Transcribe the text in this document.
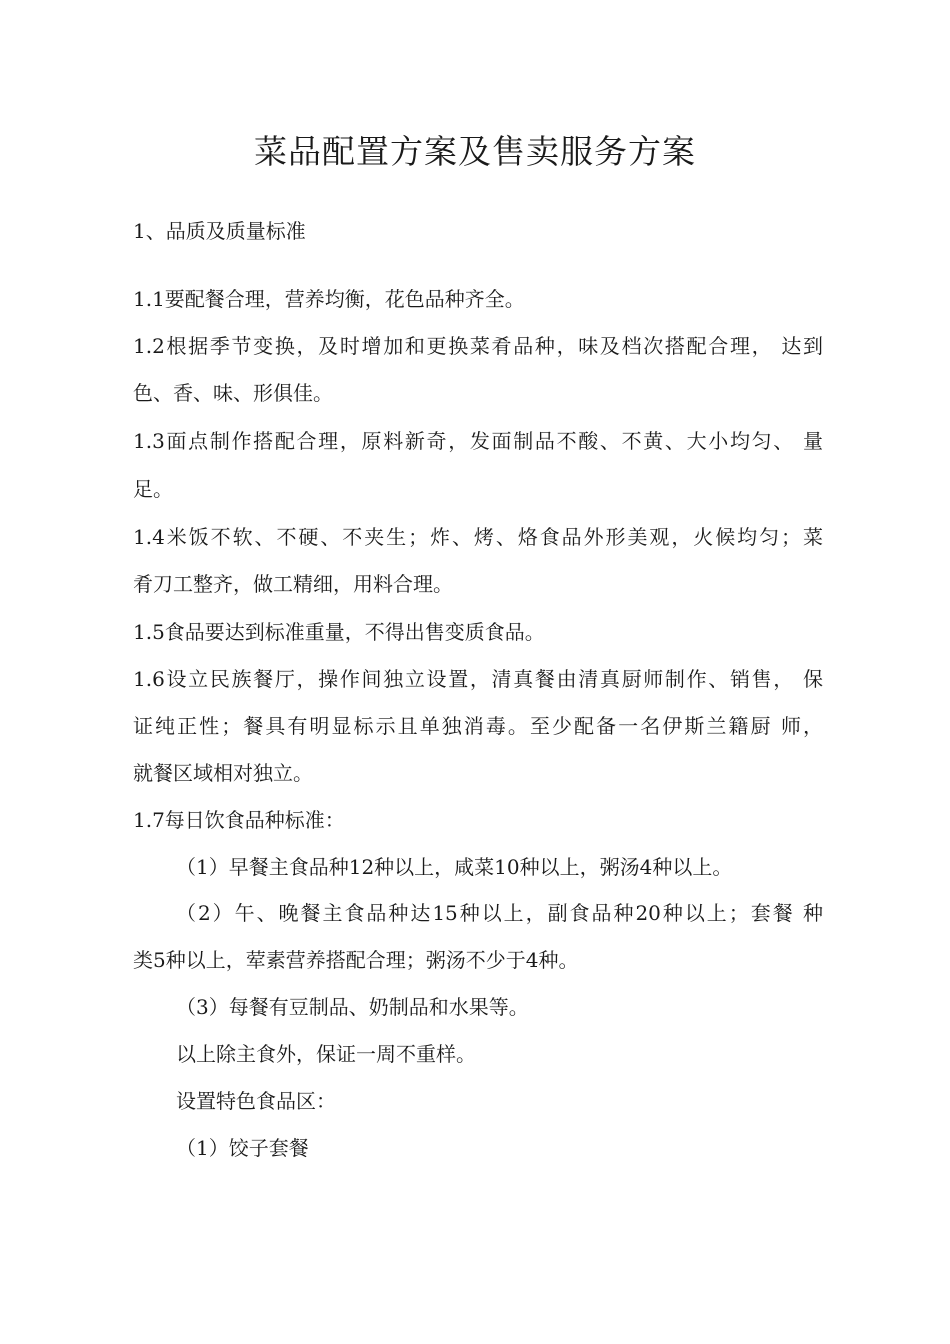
菜品配置方案及售卖服务方案

1、品质及质量标准

1.1要配餐合理，营养均衡，花色品种齐全。

1.2根据季节变换，及时增加和更换菜肴品种，味及档次搭配合理， 达到

色、香、味、形俱佳。

1.3面点制作搭配合理，原料新奇，发面制品不酸、不黄、大小均匀、 量

足。

1.4米饭不软、不硬、不夹生；炸、烤、烙食品外形美观，火候均匀；菜

肴刀工整齐，做工精细，用料合理。

1.5食品要达到标准重量，不得出售变质食品。

1.6设立民族餐厅，操作间独立设置，清真餐由清真厨师制作、销售， 保

证纯正性；餐具有明显标示且单独消毒。至少配备一名伊斯兰籍厨 师，

就餐区域相对独立。

1.7每日饮食品种标准：

（1）早餐主食品种12种以上，咸菜10种以上，粥汤4种以上。

（2）午、晚餐主食品种达15种以上，副食品种20种以上；套餐 种

类5种以上，荤素营养搭配合理；粥汤不少于4种。

（3）每餐有豆制品、奶制品和水果等。

以上除主食外，保证一周不重样。

设置特色食品区：

（1）饺子套餐
